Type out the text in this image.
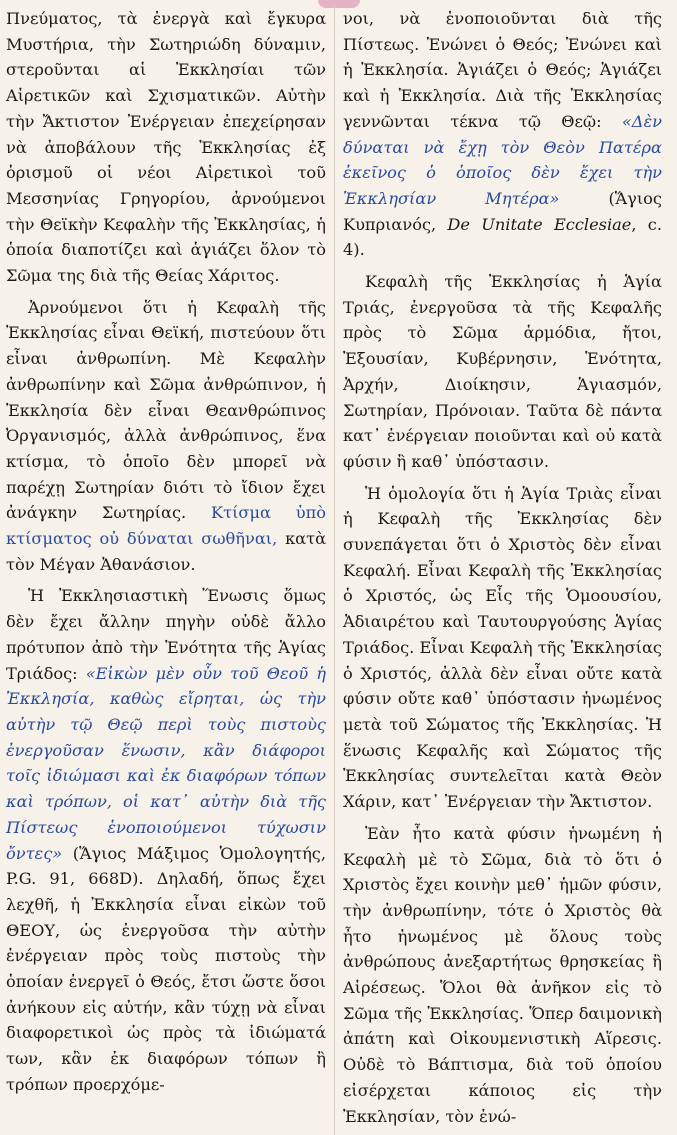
Πνεύματος, τὰ ἐνεργὰ καὶ ἔγκυρα Μυστήρια, τὴν Σωτηριώδη δύναμιν, στεροῦνται αἱ Ἐκκλησίαι τῶν Αἱρετικῶν καὶ Σχισματικῶν. Αὐτὴν τὴν Ἄκτιστον Ἐνέργειαν ἐπεχείρησαν νὰ ἀποβάλουν τῆς Ἐκκλησίας ἐξ ὁρισμοῦ οἱ νέοι Αἱρετικοὶ τοῦ Μεσσηνίας Γρηγορίου, ἀρνούμενοι τὴν Θεϊκὴν Κεφαλὴν τῆς Ἐκκλησίας, ἡ ὁποία διαποτίζει καὶ ἁγιάζει ὅλον τὸ Σῶμα της διὰ τῆς Θείας Χάριτος.

Ἀρνούμενοι ὅτι ἡ Κεφαλὴ τῆς Ἐκκλησίας εἶναι Θεϊκή, πιστεύουν ὅτι εἶναι ἀνθρωπίνη. Μὲ Κεφαλὴν ἀνθρωπίνην καὶ Σῶμα ἀνθρώπινον, ἡ Ἐκκλησία δὲν εἶναι Θεανθρώπινος Ὀργανισμός, ἀλλὰ ἀνθρώπινος, ἕνα κτίσμα, τὸ ὁποῖο δὲν μπορεῖ νὰ παρέχῃ Σωτηρίαν διότι τὸ ἴδιον ἔχει ἀνάγκην Σωτηρίας. Κτίσμα ὑπὸ κτίσματος οὐ δύναται σωθῆναι, κατὰ τὸν Μέγαν Ἀθανάσιον.

Ἡ Ἐκκλησιαστικὴ Ἕνωσις ὅμως δὲν ἔχει ἄλλην πηγὴν οὐδὲ ἄλλο πρότυπον ἀπὸ τὴν Ἑνότητα τῆς Ἁγίας Τριάδος: «Εἰκὼν μὲν οὖν τοῦ Θεοῦ ἡ Ἐκκλησία, καθὼς εἴρηται, ὡς τὴν αὐτὴν τῷ Θεῷ περὶ τοὺς πιστοὺς ἐνεργοῦσαν ἕνωσιν, κἂν διάφοροι τοῖς ἰδιώμασι καὶ ἐκ διαφόρων τόπων καὶ τρόπων, οἱ κατ᾽ αὐτὴν διὰ τῆς Πίστεως ἑνοποιούμενοι τύχωσιν ὄντες» (Ἅγιος Μάξιμος Ὁμολογητής, P.G. 91, 668D). Δηλαδή, ὅπως ἔχει λεχθῆ, ἡ Ἐκκλησία εἶναι εἰκὼν τοῦ ΘΕΟΥ, ὡς ἐνεργοῦσα τὴν αὐτὴν ἐνέργειαν πρὸς τοὺς πιστοὺς τὴν ὁποίαν ἐνεργεῖ ὁ Θεός, ἔτσι ὥστε ὅσοι ἀνήκουν εἰς αὐτήν, κἂν τύχῃ νὰ εἶναι διαφορετικοὶ ὡς πρὸς τὰ ἰδιώματά των, κἂν ἐκ διαφόρων τόπων ἢ τρόπων προερχόμε-

νοι, νὰ ἑνοποιοῦνται διὰ τῆς Πίστεως. Ἑνώνει ὁ Θεός; Ἑνώνει καὶ ἡ Ἐκκλησία. Ἁγιάζει ὁ Θεός; Ἁγιάζει καὶ ἡ Ἐκκλησία. Διὰ τῆς Ἐκκλησίας γεννῶνται τέκνα τῷ Θεῷ: «Δὲν δύναται νὰ ἔχῃ τὸν Θεὸν Πατέρα ἐκεῖνος ὁ ὁποῖος δὲν ἔχει τὴν Ἐκκλησίαν Μητέρα»	(Ἅγιος Κυπριανός, De Unitate Ecclesiae, c. 4).

Κεφαλὴ τῆς Ἐκκλησίας ἡ Ἁγία Τριάς, ἐνεργοῦσα τὰ τῆς Κεφαλῆς πρὸς τὸ Σῶμα ἁρμόδια, ἤτοι, Ἐξουσίαν, Κυβέρνησιν, Ἑνότητα, Ἀρχήν, Διοίκησιν, Ἁγιασμόν, Σωτηρίαν, Πρόνοιαν. Ταῦτα δὲ πάντα κατ᾽ ἐνέργειαν ποιοῦνται καὶ οὐ κατὰ φύσιν ἢ καθ᾽ ὑπόστασιν.

Ἡ ὁμολογία ὅτι ἡ Ἁγία Τριὰς εἶναι ἡ Κεφαλὴ τῆς Ἐκκλησίας δὲν συνεπάγεται ὅτι ὁ Χριστὸς δὲν εἶναι Κεφαλή. Εἶναι Κεφαλὴ τῆς Ἐκκλησίας ὁ Χριστός, ὡς Εἷς τῆς Ὁμοουσίου, Ἀδιαιρέτου καὶ Ταυτουργούσης Ἁγίας Τριάδος. Εἶναι Κεφαλὴ τῆς Ἐκκλησίας ὁ Χριστός, ἀλλὰ δὲν εἶναι οὔτε κατὰ φύσιν οὔτε καθ᾽ ὑπόστασιν ἡνωμένος μετὰ τοῦ Σώματος τῆς Ἐκκλησίας. Ἡ ἕνωσις Κεφαλῆς καὶ Σώματος τῆς Ἐκκλησίας συντελεῖται κατὰ Θεὸν Χάριν, κατ᾽ Ἐνέργειαν τὴν Ἄκτιστον.

Ἐὰν ἦτο κατὰ φύσιν ἡνωμένη ἡ Κεφαλὴ μὲ τὸ Σῶμα, διὰ τὸ ὅτι ὁ Χριστὸς ἔχει κοινὴν μεθ᾽ ἡμῶν φύσιν, τὴν ἀνθρωπίνην, τότε ὁ Χριστὸς θὰ ἦτο ἡνωμένος μὲ ὅλους τοὺς ἀνθρώπους ἀνεξαρτήτως θρησκείας ἢ Αἱρέσεως. Ὅλοι θὰ ἀνῆκον εἰς τὸ Σῶμα τῆς Ἐκκλησίας. Ὅπερ δαιμονικὴ ἀπάτη καὶ Οἰκουμενιστικὴ Αἵρεσις. Οὐδὲ τὸ Βάπτισμα, διὰ τοῦ ὁποίου εἰσέρχεται κάποιος εἰς τὴν Ἐκκλησίαν, τὸν ἑνώ-
